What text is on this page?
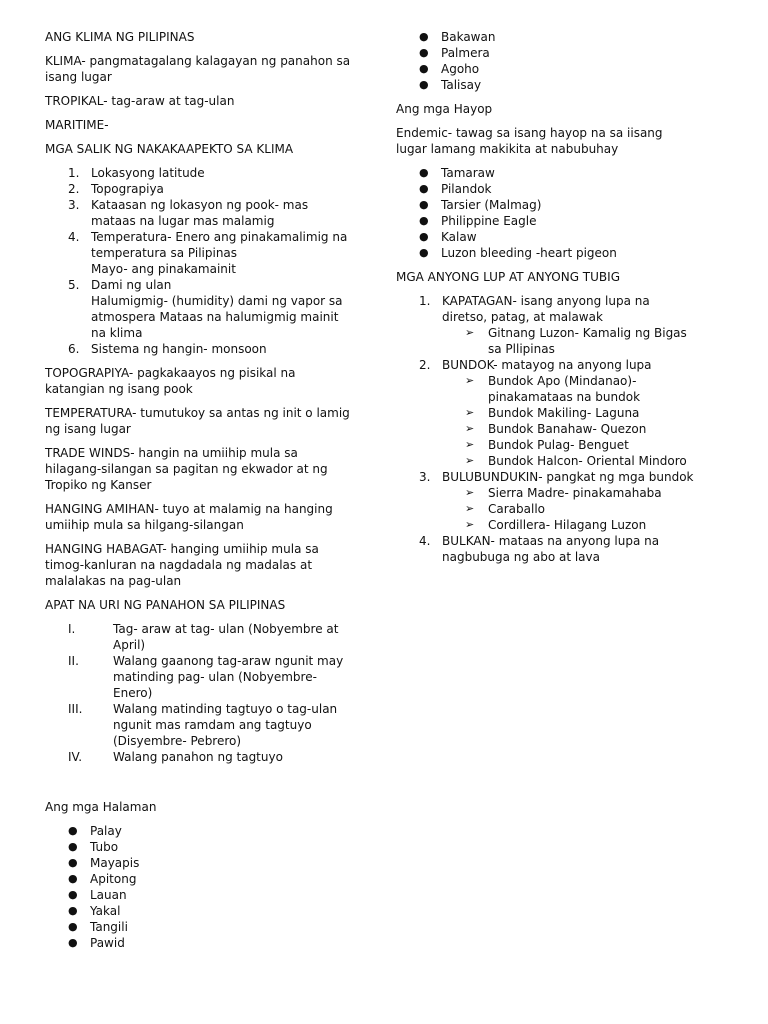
ANG KLIMA NG PILIPINAS

KLIMA- pangmatagalang kalagayan ng panahon sa isang lugar

TROPIKAL- tag-araw at tag-ulan

MARITIME-

MGA SALIK NG NAKAKAAPEKTO SA KLIMA

1. Lokasyong latitude
2. Topograpiya
3. Kataasan ng lokasyon ng pook- mas mataas na lugar mas malamig
4. Temperatura- Enero ang pinakamalimig na temperatura sa Pilipinas
Mayo- ang pinakamainit
5. Dami ng ulan
Halumigmig- (humidity) dami ng vapor sa atmospera Mataas na halumigmig mainit na klima
6. Sistema ng hangin- monsoon

TOPOGRAPIYA- pagkakaayos ng pisikal na katangian ng isang pook

TEMPERATURA- tumutukoy sa antas ng init o lamig ng isang lugar

TRADE WINDS- hangin na umiihip mula sa hilagang-silangan sa pagitan ng ekwador at ng Tropiko ng Kanser

HANGING AMIHAN- tuyo at malamig na hanging umiihip mula sa hilgang-silangan

HANGING HABAGAT- hanging umiihip mula sa timog-kanluran na nagdadala ng madalas at malalakas na pag-ulan

APAT NA URI NG PANAHON SA PILIPINAS

I.	Tag- araw at tag- ulan (Nobyembre at April)
II.	Walang gaanong tag-araw ngunit may matinding pag- ulan (Nobyembre- Enero)
III.	Walang matinding tagtuyo o tag-ulan ngunit mas ramdam ang tagtuyo (Disyembre- Pebrero)
IV.	Walang panahon ng tagtuyo

Ang mga Halaman

● Palay
● Tubo
● Mayapis
● Apitong
● Lauan
● Yakal
● Tangili
● Pawid
● Bakawan
● Palmera
● Agoho
● Talisay

Ang mga Hayop

Endemic- tawag sa isang hayop na sa iisang lugar lamang makikita at nabubuhay

● Tamaraw
● Pilandok
● Tarsier (Malmag)
● Philippine Eagle
● Kalaw
● Luzon bleeding -heart pigeon

MGA ANYONG LUP AT ANYONG TUBIG

1. KAPATAGAN- isang anyong lupa na diretso, patag, at malawak
➢ Gitnang Luzon- Kamalig ng Bigas sa Pllipinas
2. BUNDOK- matayog na anyong lupa
➢ Bundok Apo (Mindanao)- pinakamataas na bundok
➢ Bundok Makiling- Laguna
➢ Bundok Banahaw- Quezon
➢ Bundok Pulag- Benguet
➢ Bundok Halcon- Oriental Mindoro
3. BULUBUNDUKIN- pangkat ng mga bundok
➢ Sierra Madre- pinakamahaba
➢ Caraballo
➢ Cordillera- Hilagang Luzon
4. BULKAN- mataas na anyong lupa na nagbubuga ng abo at lava
